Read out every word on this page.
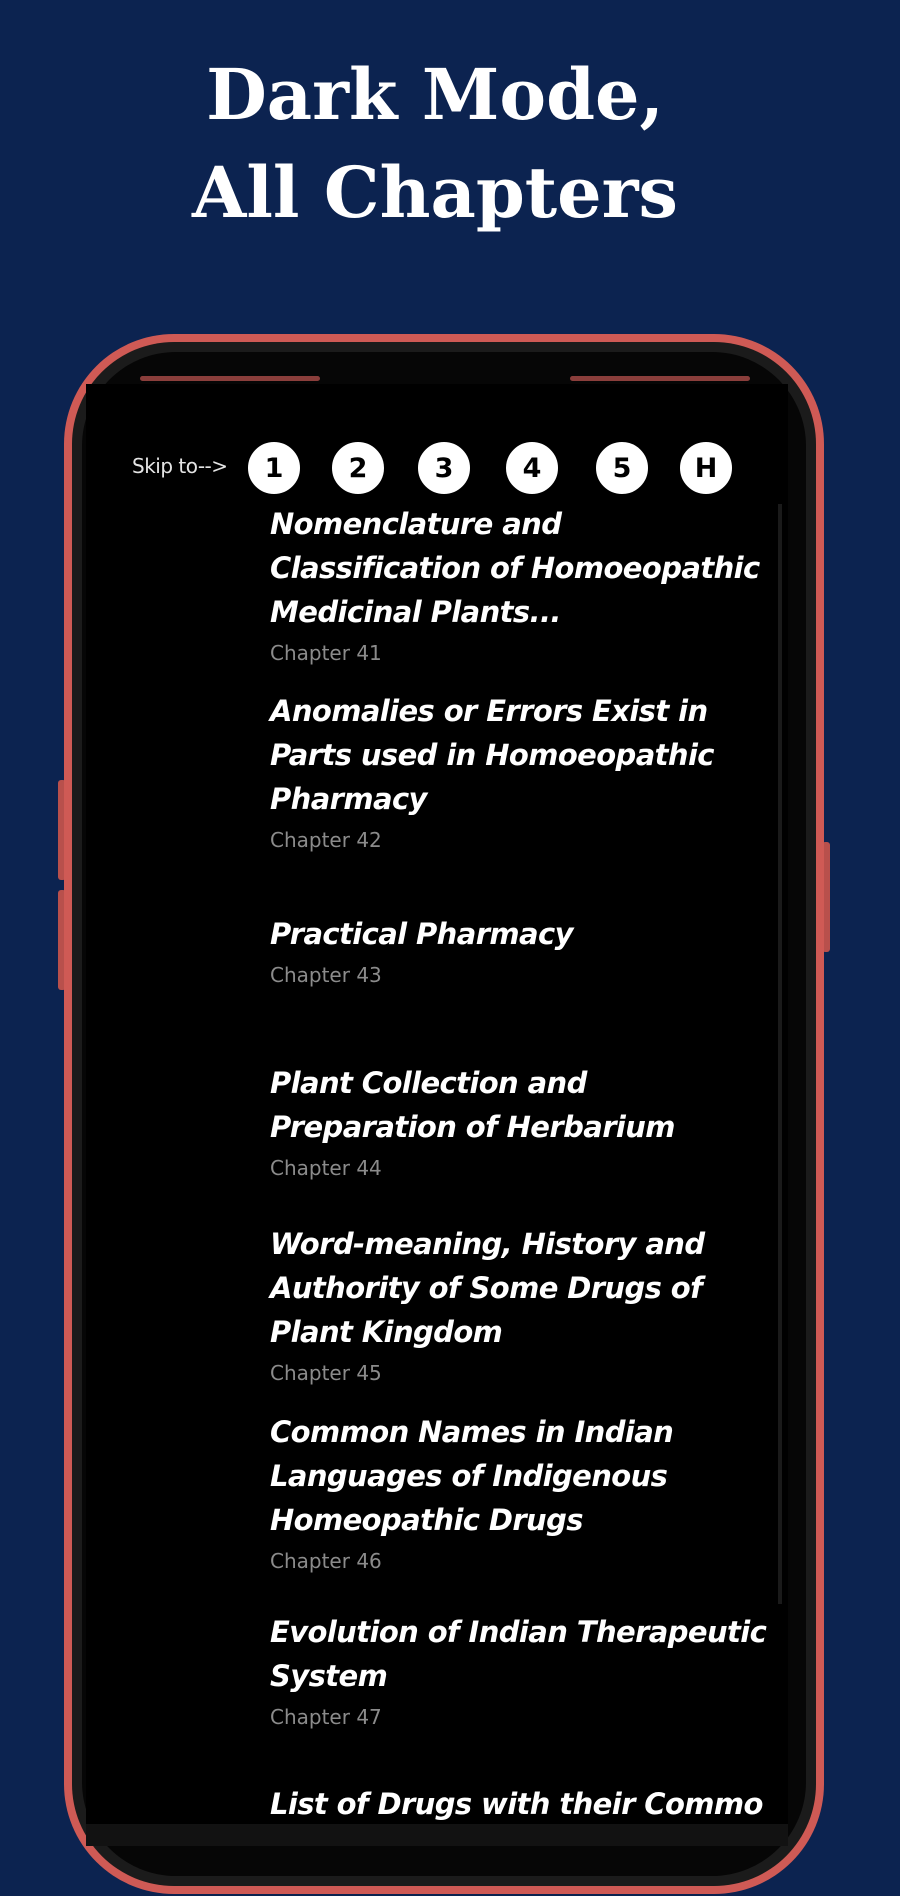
Dark Mode,
All Chapters
Skip to-->	1	2	3	4	5	H
Nomenclature and
Classification of Homoeopathic
Medicinal Plants...
Chapter 41
Anomalies or Errors Exist in
Parts used in Homoeopathic
Pharmacy
Chapter 42
Practical Pharmacy
Chapter 43
Plant Collection and
Preparation of Herbarium
Chapter 44
Word-meaning, History and
Authority of Some Drugs of
Plant Kingdom
Chapter 45
Common Names in Indian
Languages of Indigenous
Homeopathic Drugs
Chapter 46
Evolution of Indian Therapeutic
System
Chapter 47
List of Drugs with their Commo
